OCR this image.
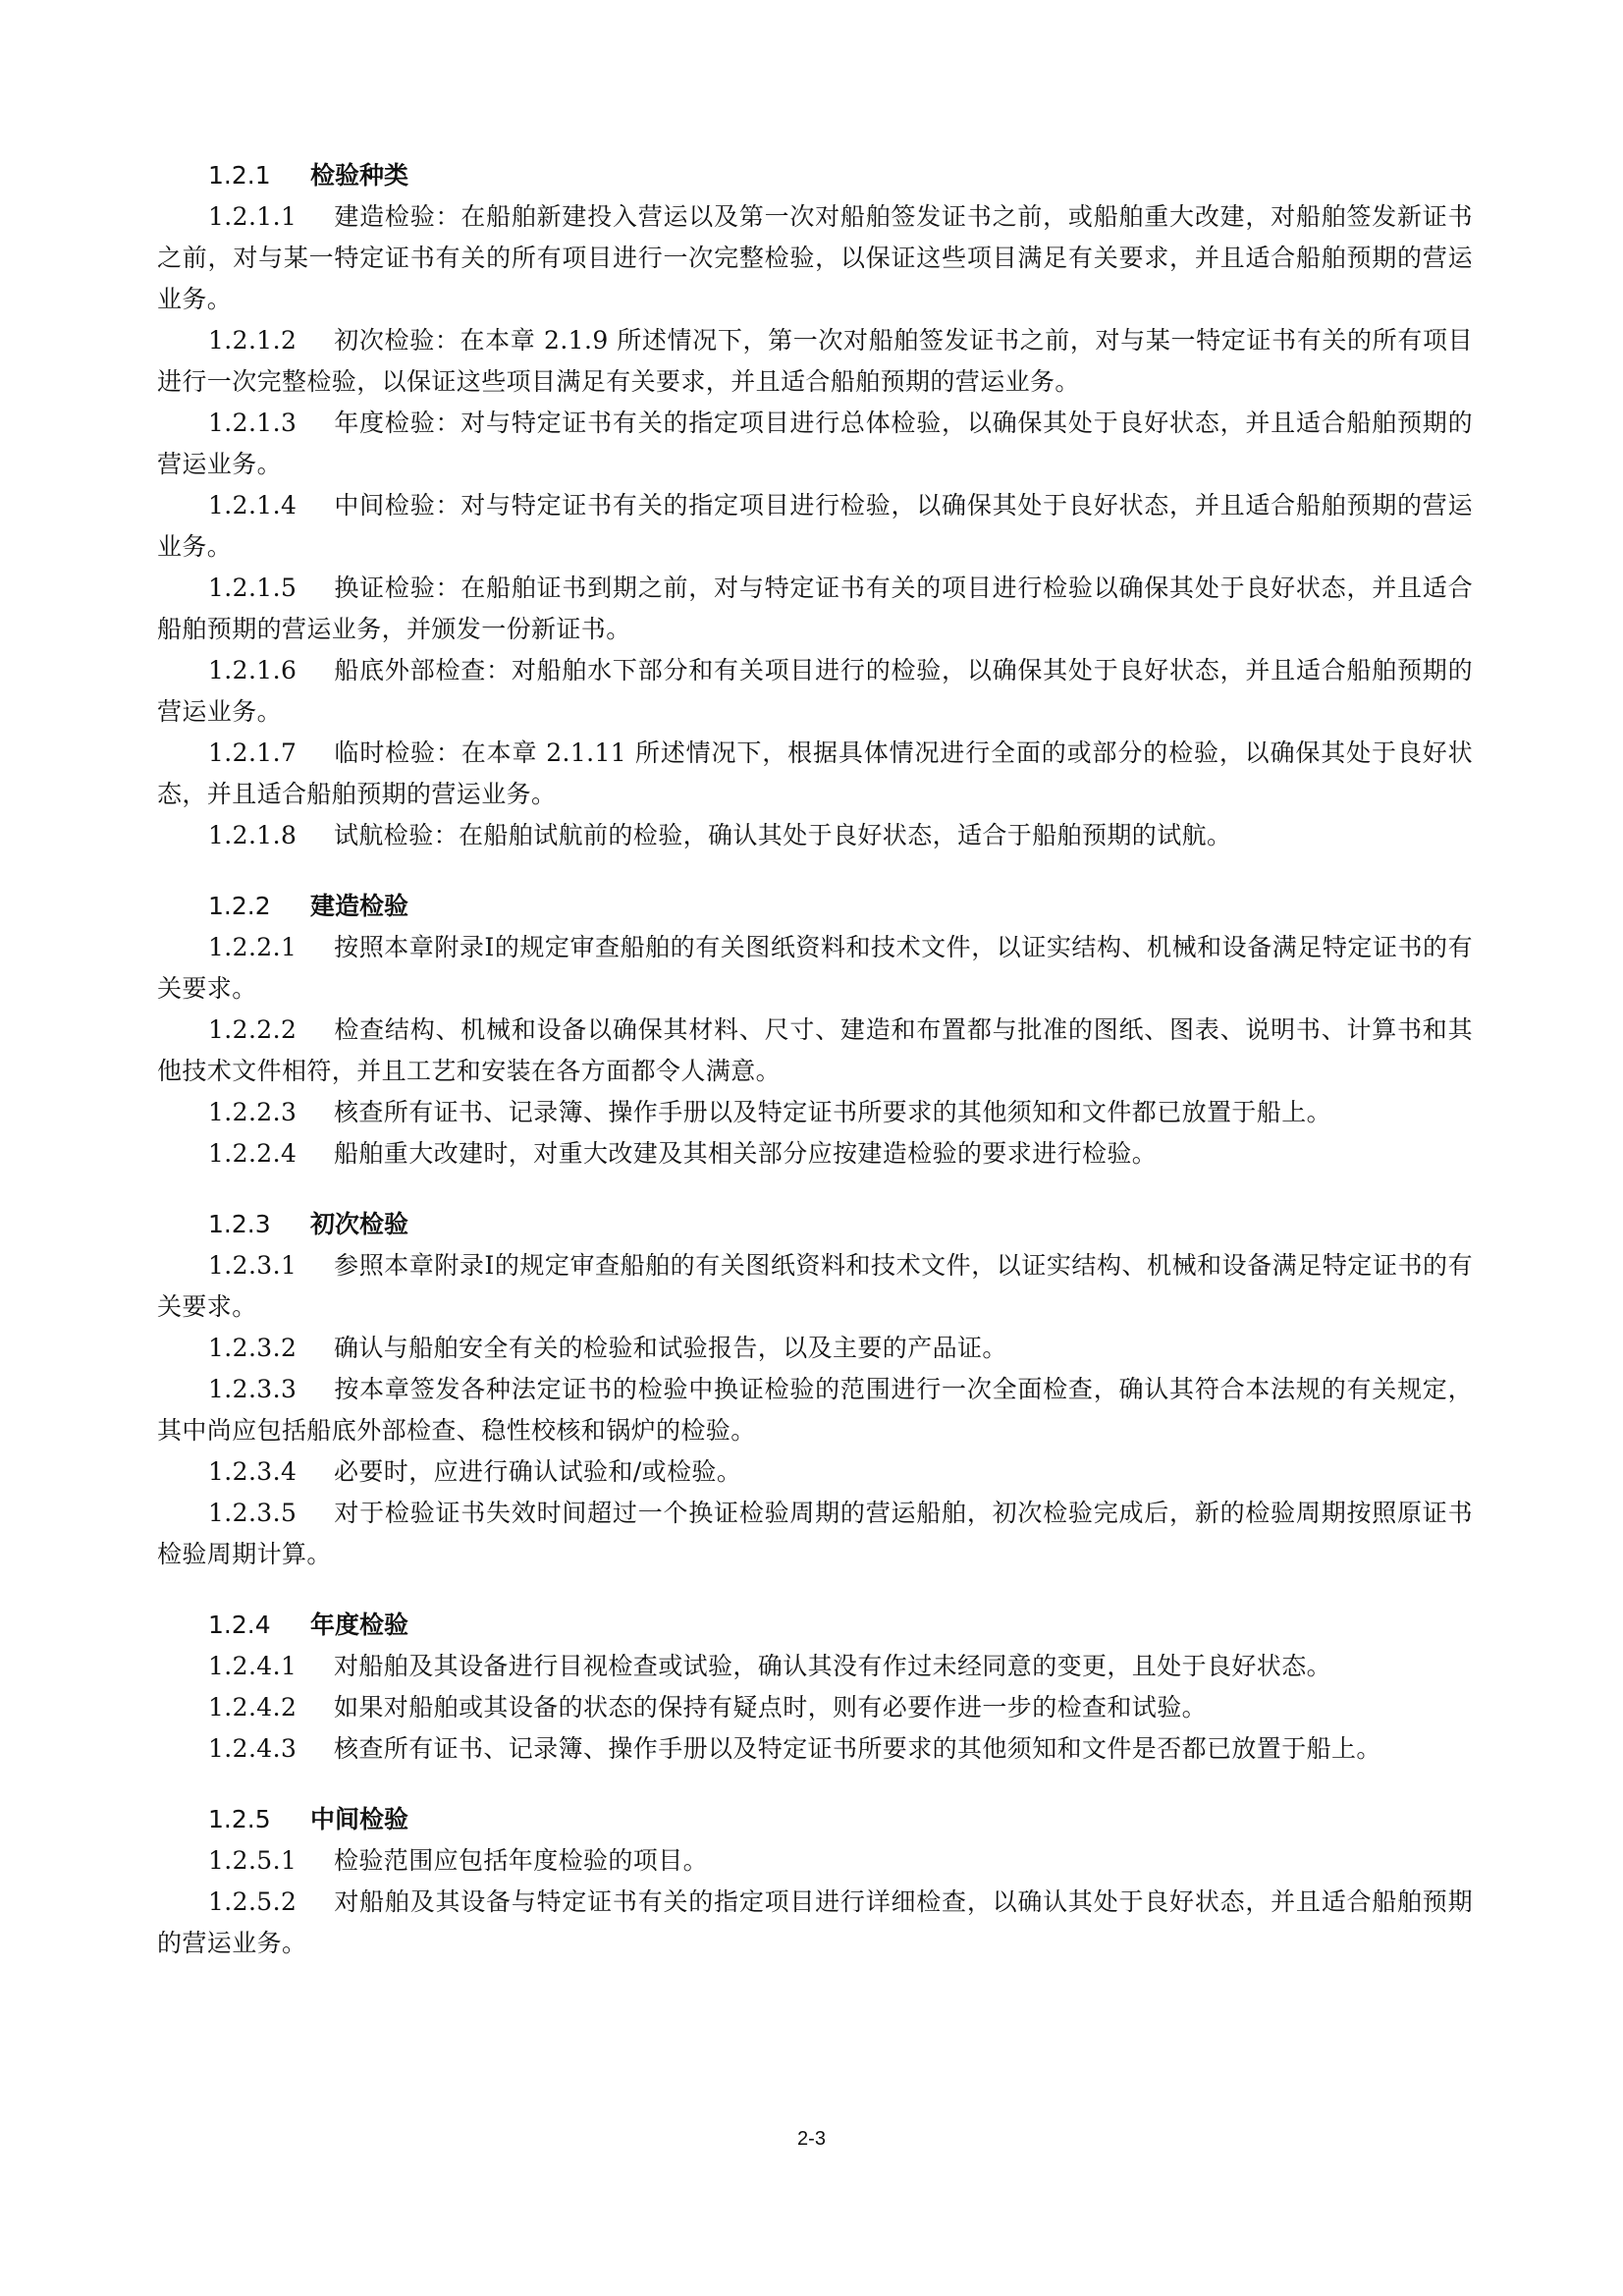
1.2.1 检验种类

1.2.1.1 建造检验：在船舶新建投入营运以及第一次对船舶签发证书之前，或船舶重大改建，对船舶签发新证书之前，对与某一特定证书有关的所有项目进行一次完整检验，以保证这些项目满足有关要求，并且适合船舶预期的营运业务。

1.2.1.2 初次检验：在本章 2.1.9 所述情况下，第一次对船舶签发证书之前，对与某一特定证书有关的所有项目进行一次完整检验，以保证这些项目满足有关要求，并且适合船舶预期的营运业务。

1.2.1.3 年度检验：对与特定证书有关的指定项目进行总体检验，以确保其处于良好状态，并且适合船舶预期的营运业务。

1.2.1.4 中间检验：对与特定证书有关的指定项目进行检验，以确保其处于良好状态，并且适合船舶预期的营运业务。

1.2.1.5 换证检验：在船舶证书到期之前，对与特定证书有关的项目进行检验以确保其处于良好状态，并且适合船舶预期的营运业务，并颁发一份新证书。

1.2.1.6 船底外部检查：对船舶水下部分和有关项目进行的检验，以确保其处于良好状态，并且适合船舶预期的营运业务。

1.2.1.7 临时检验：在本章 2.1.11 所述情况下，根据具体情况进行全面的或部分的检验，以确保其处于良好状态，并且适合船舶预期的营运业务。

1.2.1.8 试航检验：在船舶试航前的检验，确认其处于良好状态，适合于船舶预期的试航。

1.2.2 建造检验

1.2.2.1 按照本章附录Ⅰ的规定审查船舶的有关图纸资料和技术文件，以证实结构、机械和设备满足特定证书的有关要求。

1.2.2.2 检查结构、机械和设备以确保其材料、尺寸、建造和布置都与批准的图纸、图表、说明书、计算书和其他技术文件相符，并且工艺和安装在各方面都令人满意。

1.2.2.3 核查所有证书、记录簿、操作手册以及特定证书所要求的其他须知和文件都已放置于船上。

1.2.2.4 船舶重大改建时，对重大改建及其相关部分应按建造检验的要求进行检验。

1.2.3 初次检验

1.2.3.1 参照本章附录Ⅰ的规定审查船舶的有关图纸资料和技术文件，以证实结构、机械和设备满足特定证书的有关要求。

1.2.3.2 确认与船舶安全有关的检验和试验报告，以及主要的产品证。

1.2.3.3 按本章签发各种法定证书的检验中换证检验的范围进行一次全面检查，确认其符合本法规的有关规定，其中尚应包括船底外部检查、稳性校核和锅炉的检验。

1.2.3.4 必要时，应进行确认试验和/或检验。

1.2.3.5 对于检验证书失效时间超过一个换证检验周期的营运船舶，初次检验完成后，新的检验周期按照原证书检验周期计算。

1.2.4 年度检验

1.2.4.1 对船舶及其设备进行目视检查或试验，确认其没有作过未经同意的变更，且处于良好状态。

1.2.4.2 如果对船舶或其设备的状态的保持有疑点时，则有必要作进一步的检查和试验。

1.2.4.3 核查所有证书、记录簿、操作手册以及特定证书所要求的其他须知和文件是否都已放置于船上。

1.2.5 中间检验

1.2.5.1 检验范围应包括年度检验的项目。

1.2.5.2 对船舶及其设备与特定证书有关的指定项目进行详细检查，以确认其处于良好状态，并且适合船舶预期的营运业务。

2-3
